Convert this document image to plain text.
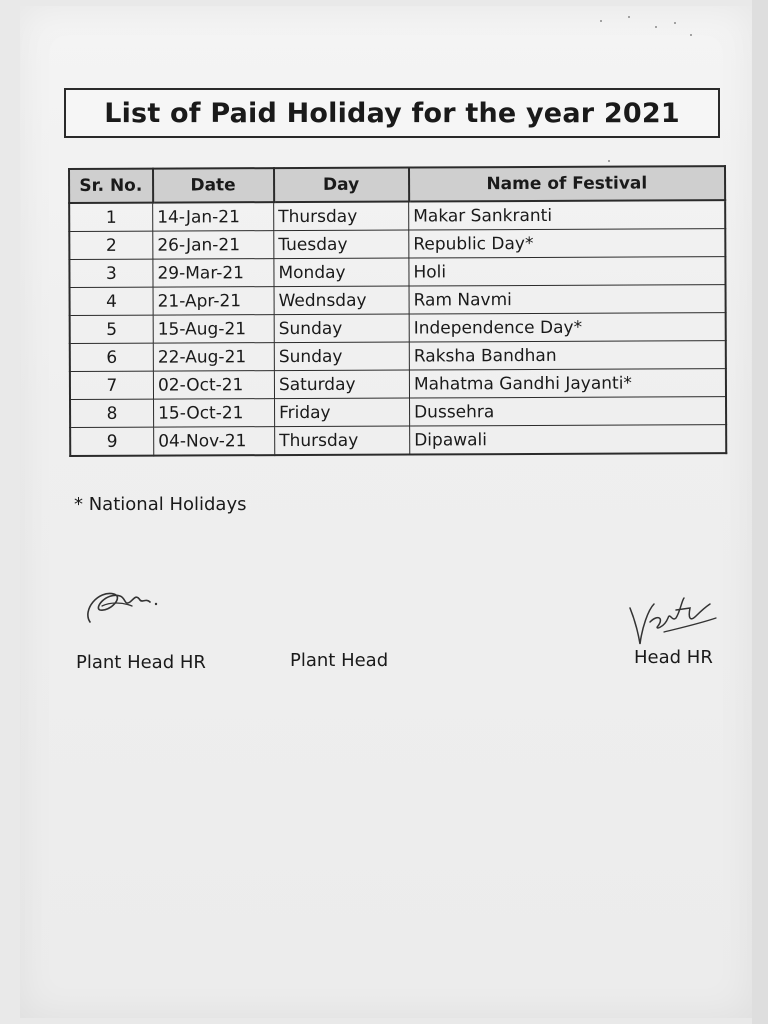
List of Paid Holiday for the year 2021
Sr. No.	Date	Day	Name of Festival
1	14-Jan-21	Thursday	Makar Sankranti
2	26-Jan-21	Tuesday	Republic Day*
3	29-Mar-21	Monday	Holi
4	21-Apr-21	Wednsday	Ram Navmi
5	15-Aug-21	Sunday	Independence Day*
6	22-Aug-21	Sunday	Raksha Bandhan
7	02-Oct-21	Saturday	Mahatma Gandhi Jayanti*
8	15-Oct-21	Friday	Dussehra
9	04-Nov-21	Thursday	Dipawali
* National Holidays
Plant Head HR	Plant Head	Head HR
